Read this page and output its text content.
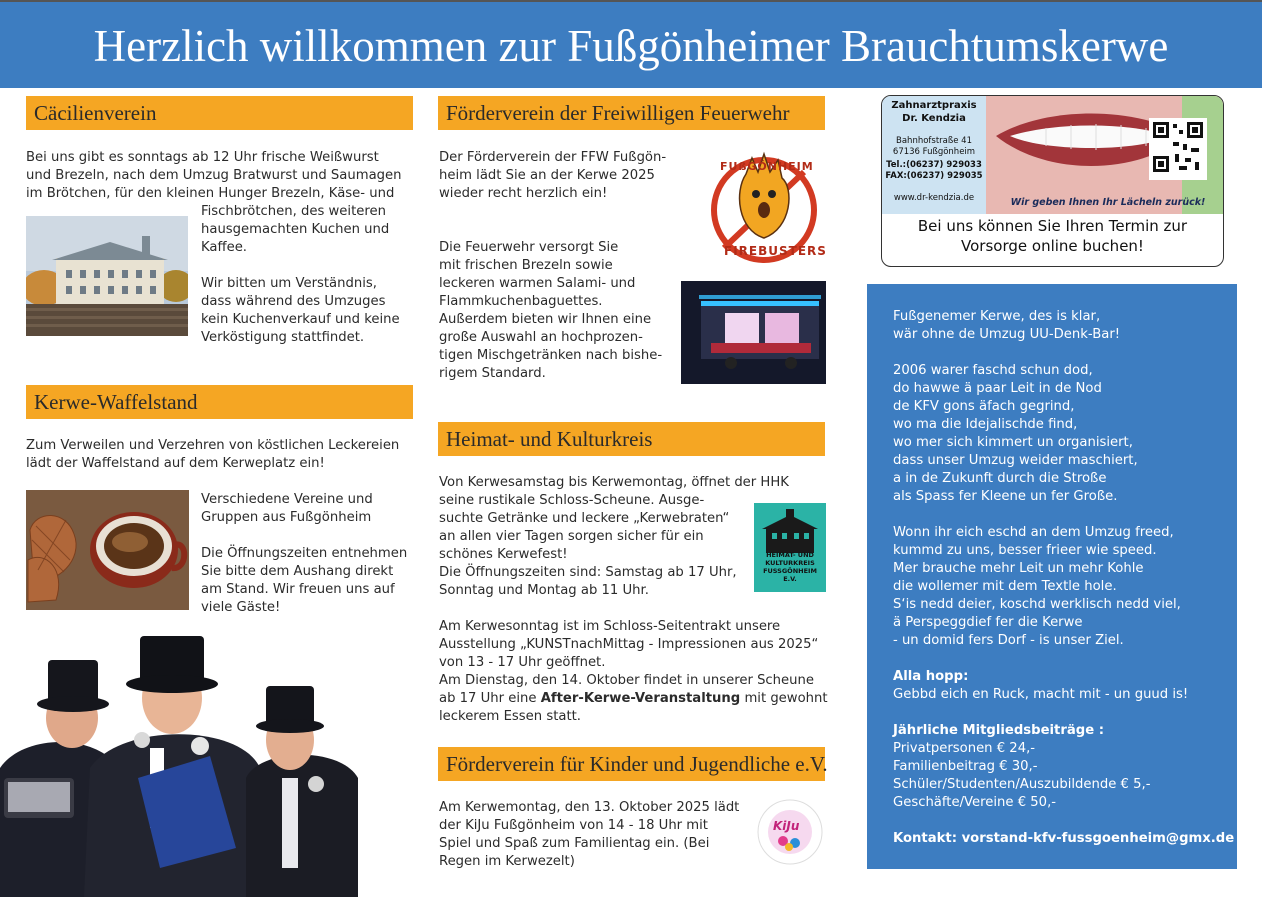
Herzlich willkommen zur Fußgönheimer Brauchtumskerwe
Cäcilienverein
Bei uns gibt es sonntags ab 12 Uhr frische Weißwurst
und Brezeln, nach dem Umzug Bratwurst und Saumagen
im Brötchen, für den kleinen Hunger Brezeln, Käse- und
Fischbrötchen, des weiteren
hausgemachten Kuchen und
Kaffee.

Wir bitten um Verständnis,
dass während des Umzuges
kein Kuchenverkauf und keine
Verköstigung stattfindet.
Kerwe-Waffelstand
Zum Verweilen und Verzehren von köstlichen Leckereien
lädt der Waffelstand auf dem Kerweplatz ein!
Verschiedene Vereine und
Gruppen aus Fußgönheim

Die Öffnungszeiten entnehmen
Sie bitte dem Aushang direkt
am Stand. Wir freuen uns auf
viele Gäste!
Förderverein der Freiwilligen Feuerwehr
Der Förderverein der FFW Fußgön-
heim lädt Sie an der Kerwe 2025
wieder recht herzlich ein!
FUßGÖNHEIM
FIREBUSTERS
Die Feuerwehr versorgt Sie
mit frischen Brezeln sowie
leckeren warmen Salami- und
Flammkuchenbaguettes.
Außerdem bieten wir Ihnen eine
große Auswahl an hochprozen-
tigen Mischgetränken nach bishe-
rigem Standard.
Heimat- und Kulturkreis
Von Kerwesamstag bis Kerwemontag, öffnet der HHK
seine rustikale Schloss-Scheune. Ausge-
suchte Getränke und leckere „Kerwebraten“
an allen vier Tagen sorgen sicher für ein
schönes Kerwefest!
Die Öffnungszeiten sind: Samstag ab 17 Uhr,
Sonntag und Montag ab 11 Uhr.
HEIMAT- UND
KULTURKREIS
FUSSGÖNHEIM
E.V.
Am Kerwesonntag ist im Schloss-Seitentrakt unsere
Ausstellung „KUNSTnachMittag - Impressionen aus 2025“
von 13 - 17 Uhr geöffnet.
Am Dienstag, den 14. Oktober findet in unserer Scheune
ab 17 Uhr eine After-Kerwe-Veranstaltung mit gewohnt
leckerem Essen statt.
Förderverein für Kinder und Jugendliche e.V.
Am Kerwemontag, den 13. Oktober 2025 lädt
der KiJu Fußgönheim von 14 - 18 Uhr mit
Spiel und Spaß zum Familientag ein. (Bei
Regen im Kerwezelt)
KiJu
Zahnarztpraxis
Dr. Kendzia
Bahnhofstraße 41
67136 Fußgönheim
Tel.:(06237) 929033
FAX:(06237) 929035
www.dr-kendzia.de	Wir geben Ihnen Ihr Lächeln zurück!
Bei uns können Sie Ihren Termin zur
Vorsorge online buchen!
Fußgenemer Kerwe, des is klar,
wär ohne de Umzug UU-Denk-Bar!
2006 warer faschd schun dod,
do hawwe ä paar Leit in de Nod
de KFV gons äfach gegrind,
wo ma die Idejalischde find,
wo mer sich kimmert un organisiert,
dass unser Umzug weider maschiert,
a in de Zukunft durch die Stroße
als Spass fer Kleene un fer Große.
Wonn ihr eich eschd an dem Umzug freed,
kummd zu uns, besser frieer wie speed.
Mer brauche mehr Leit un mehr Kohle
die wollemer mit dem Textle hole.
S‘is nedd deier, koschd werklisch nedd viel,
ä Perspeggdief fer die Kerwe
- un domid fers Dorf - is unser Ziel.
Alla hopp:
Gebbd eich en Ruck, macht mit - un guud is!
Jährliche Mitgliedsbeiträge :
Privatpersonen € 24,-
Familienbeitrag € 30,-
Schüler/Studenten/Auszubildende € 5,-
Geschäfte/Vereine € 50,-
Kontakt: vorstand-kfv-fussgoenheim@gmx.de
